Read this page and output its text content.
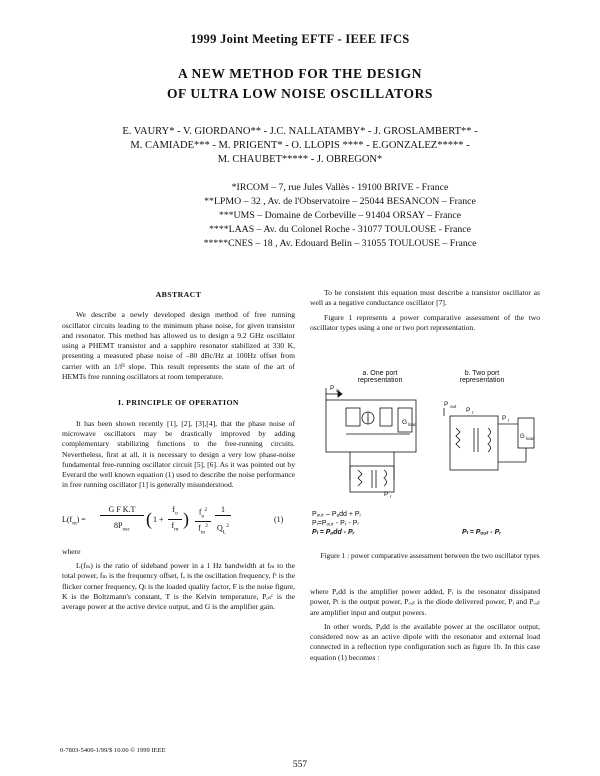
1999 Joint Meeting EFTF - IEEE IFCS
A NEW METHOD FOR THE DESIGN
OF ULTRA LOW NOISE OSCILLATORS
E. VAURY* - V. GIORDANO** - J.C. NALLATAMBY* - J. GROSLAMBERT** -
M. CAMIADE*** - M. PRIGENT* - O. LLOPIS **** - E.GONZALEZ***** -
M. CHAUBET***** - J. OBREGON*
*IRCOM – 7, rue Jules Vallès - 19100 BRIVE - France
**LPMO – 32 , Av. de l'Observatoire – 25044 BESANCON – France
***UMS – Domaine de Corbeville – 91404 ORSAY – France
****LAAS – Av. du Colonel Roche - 31077 TOULOUSE - France
*****CNES – 18 , Av. Edouard Belin – 31055 TOULOUSE – France
ABSTRACT

We describe a newly developed design method of free running oscillator circuits leading to the minimum phase noise, for given transistor and resonator. This method has allowed us to design a 9.2 GHz oscillator using a PHEMT transistor and a sapphire resonator stabilized at 330 K, presenting a measured phase noise of –80 dBc/Hz at 100Hz offset from carrier with an 1/f³ slope. This result represents the state of the art of HEMTs free running oscillators at room temperature.

I. PRINCIPLE OF OPERATION

It has been shown recently [1], [2], [3],[4], that the phase noise of microwave oscillators may be drastically improved by adding complementary stabilizing functions to the free-running circuits. Nevertheless, first at all, it is necessary to design a very low phase-noise fundamental free-running oscillator circuit [5], [6]. As it was pointed out by Everard the well known equation (1) used to describe the noise performance in free running oscillator [1] is generally misunderstood.

$L(f_m)$ =
G F K.T
$8P_{osc}$
( 1 +
$f_o$
$f_m$
)	$f_o^2$
$f_m^2$
1
$Q_L^2$
(1)

where

L(fₘ) is the ratio of sideband power in a 1 Hz bandwidth at fₘ to the total power, fₘ is the frequency offset, fₒ is the oscillation frequency, fᶜ is the flicker corner frequency, Qₗ is the loaded quality factor, F is the noise figure, K is the Boltzmann's constant, T is the Kelvin temperature, Pₒₛᶜ is the average power at the active device output, and G is the amplifier gain.

To be consistent this equation must describe a transistor oscillator as well as a negative conductance oscillator [7].

Figure 1 represents a power comparative assessment of the two oscillator types using a one or two port representation.

P r
G load
P in
P out
P r
P l
G load
a. One port
representation
b. Two port
representation
Pₒᵤₜ – Pₐdd + Pᵢ
Pᵢ=Pₒᵤₜ - Pᵣ - Pₗ
Pₗ = Pₐdd - Pᵣ	Pₗ = Pₒᵤₜ - Pᵣ
Figure 1 : power comparative assessment between the two oscillator types

where Pₐdd is the amplifier power added, Pᵣ is the resonator dissipated power, Pₗ is the output power, Pₒᵤₜ is the diode delivered power, Pᵢ and Pₒᵤₜ are amplifier input and output powers.

In other words, Pₐdd is the available power at the oscillator output, considered now as an active dipole with the resonator and external load connected in a reflection type configuration such as figure 1b. In this case equation (1) becomes :

0-7803-5400-1/99/$ 10.00 © 1999 IEEE
557
